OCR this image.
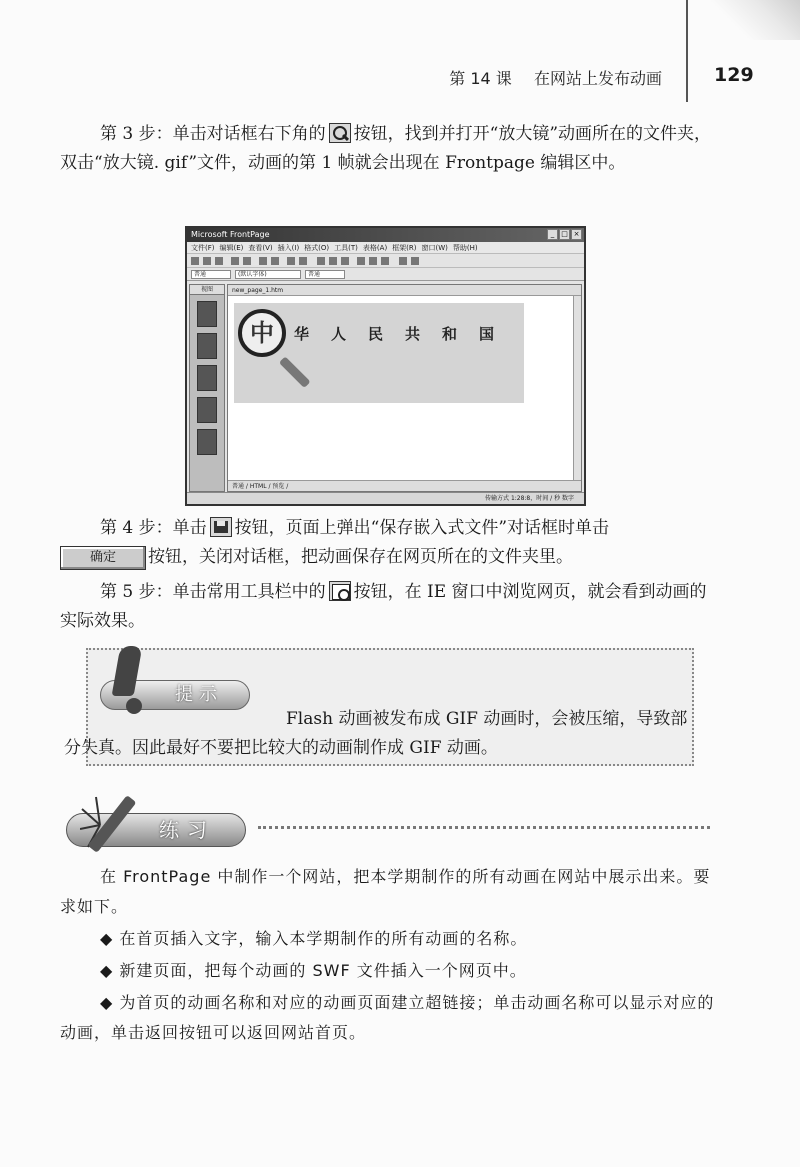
第 14 课 在网站上发布动画	129

第 3 步：单击对话框右下角的 按钮，找到并打开“放大镜”动画所在的文件夹，双击“放大镜. gif”文件，动画的第 1 帧就会出现在 Frontpage 编辑区中。

Microsoft FrontPage	_ □ ×
文件(F) 编辑(E) 查看(V) 插入(I) 格式(O) 工具(T) 表格(A) 框架(R) 窗口(W) 帮助(H)
普通	(默认字体)	普通
视图	new_page_1.htm
中	华人民共和国
普通 / HTML / 预览 /
传输方式 1:28:8，时间 / 秒 数字

第 4 步：单击 按钮，页面上弹出“保存嵌入式文件”对话框时单击
确定 按钮，关闭对话框，把动画保存在网页所在的文件夹里。

第 5 步：单击常用工具栏中的 按钮，在 IE 窗口中浏览网页，就会看到动画的实际效果。

提示

Flash 动画被发布成 GIF 动画时，会被压缩，导致部分失真。因此最好不要把比较大的动画制作成 GIF 动画。

练习

在 FrontPage 中制作一个网站，把本学期制作的所有动画在网站中展示出来。要求如下。

◆ 在首页插入文字，输入本学期制作的所有动画的名称。

◆ 新建页面，把每个动画的 SWF 文件插入一个网页中。

◆ 为首页的动画名称和对应的动画页面建立超链接；单击动画名称可以显示对应的动画，单击返回按钮可以返回网站首页。
